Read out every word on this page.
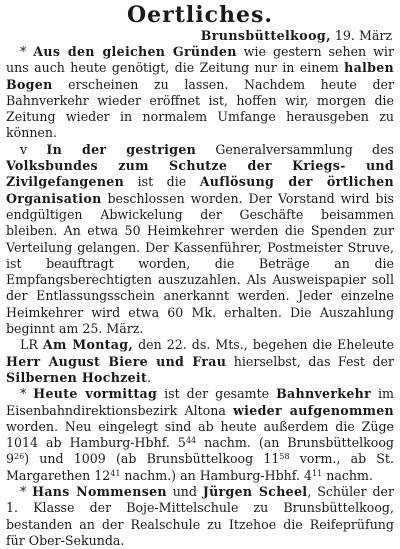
Oertliches.
Brunsbüttelkoog, 19. März

* Aus den gleichen Gründen wie gestern sehen wir uns auch heute genötigt, die Zeitung nur in einem halben Bogen erscheinen zu lassen. Nachdem heute der Bahnverkehr wieder eröffnet ist, hoffen wir, morgen die Zeitung wieder in normalem Umfange herausgeben zu können.

v In der gestrigen Generalversammlung des Volksbundes zum Schutze der Kriegs- und Zivilgefangenen ist die Auflösung der örtlichen Organisation beschlossen worden. Der Vorstand wird bis endgültigen Abwickelung der Geschäfte beisammen bleiben. An etwa 50 Heimkehrer werden die Spenden zur Verteilung gelangen. Der Kassenführer, Postmeister Struve, ist beauftragt worden, die Beträge an die Empfangsberechtigten auszuzahlen. Als Ausweispapier soll der Entlassungsschein anerkannt werden. Jeder einzelne Heimkehrer wird etwa 60 Mk. erhalten. Die Auszahlung beginnt am 25. März.

LR Am Montag, den 22. ds. Mts., begehen die Eheleute Herr August Biere und Frau hierselbst, das Fest der Silbernen Hochzeit.

* Heute vormittag ist der gesamte Bahnverkehr im Eisenbahndirektionsbezirk Altona wieder aufgenommen worden. Neu eingelegt sind ab heute außerdem die Züge 1014 ab Hamburg-Hbhf. $5^{44}$ nachm. (an Brunsbüttelkoog $9^{26}$) und 1009 (ab Brunsbüttelkoog $11^{58}$ vorm., ab St. Margarethen $12^{41}$ nachm.) an Hamburg-Hbhf. $4^{11}$ nachm.

* Hans Nommensen und Jürgen Scheel, Schüler der 1. Klasse der Boje-Mittelschule zu Brunsbüttelkoog, bestanden an der Realschule zu Itzehoe die Reifeprüfung für Ober-Sekunda.
